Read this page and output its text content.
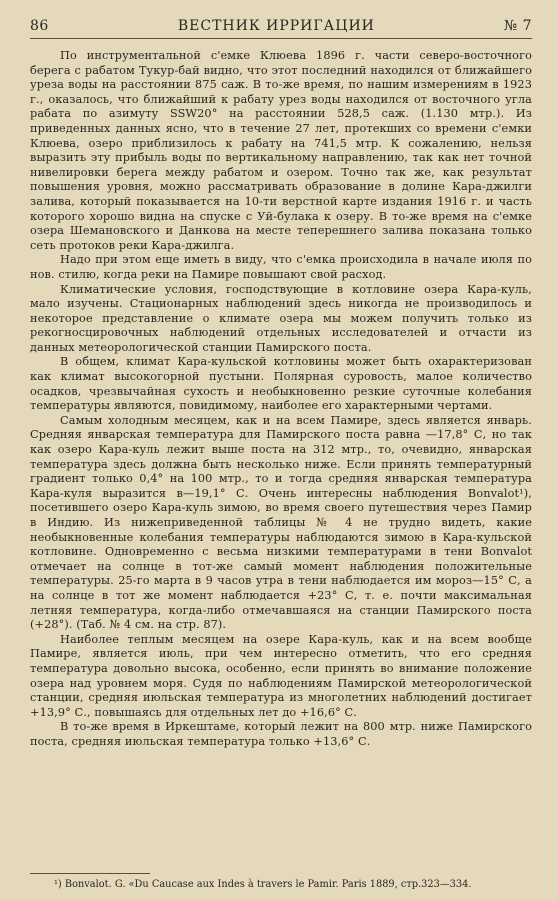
86	ВЕСТНИК ИРРИГАЦИИ	№ 7

По инструментальной с'емке Клюева 1896 г. части северо-восточного берега с рабатом Тукур-бай видно, что этот последний находился от ближайшего уреза воды на расстоянии 875 саж. В то-же время, по нашим измерениям в 1923 г., оказалось, что ближайший к рабату урез воды находился от восточного угла рабата по азимуту SSW20° на расстоянии 528,5 саж. (1.130 мтр.). Из приведенных данных ясно, что в течение 27 лет, протекших со времени с'емки Клюева, озеро приблизилось к рабату на 741,5 мтр. К сожалению, нельзя выразить эту прибыль воды по вертикальному направлению, так как нет точной нивелировки берега между рабатом и озером. Точно так же, как результат повышения уровня, можно рассматривать образование в долине Кара-джилги залива, который показывается на 10-ти верстной карте издания 1916 г. и часть которого хорошо видна на спуске с Уй-булака к озеру. В то-же время на с'емке озера Шемановского и Данкова на месте теперешнего залива показана только сеть протоков реки Кара-джилга.

Надо при этом еще иметь в виду, что с'емка происходила в начале июля по нов. стилю, когда реки на Памире повышают свой расход.

Климатические условия, господствующие в котловине озера Кара-куль, мало изучены. Стационарных наблюдений здесь никогда не производилось и некоторое представление о климате озера мы можем получить только из рекогносцировочных наблюдений отдельных исследователей и отчасти из данных метеорологической станции Памирского поста.

В общем, климат Кара-кульской котловины может быть охарактеризован как климат высокогорной пустыни. Полярная суровость, малое количество осадков, чрезвычайная сухость и необыкновенно резкие суточные колебания температуры являются, повидимому, наиболее его характерными чертами.

Самым холодным месяцем, как и на всем Памире, здесь является январь. Средняя январская температура для Памирского поста равна —17,8° С, но так как озеро Кара-куль лежит выше поста на 312 мтр., то, очевидно, январская температура здесь должна быть несколько ниже. Если принять температурный градиент только 0,4° на 100 мтр., то и тогда средняя январская температура Кара-куля выразится в—19,1° С. Очень интересны наблюдения Bonvalot¹), посетившего озеро Кара-куль зимою, во время своего путешествия через Памир в Индию. Из нижеприведенной таблицы № 4 не трудно видеть, какие необыкновенные колебания температуры наблюдаются зимою в Кара-кульской котловине. Одновременно с весьма низкими температурами в тени Bonvalot отмечает на солнце в тот-же самый момент наблюдения положительные температуры. 25-го марта в 9 часов утра в тени наблюдается им мороз—15° С, а на солнце в тот же момент наблюдается +23° С, т. е. почти максимальная летняя температура, когда-либо отмечавшаяся на станции Памирского поста (+28°). (Таб. № 4 см. на стр. 87).

Наиболее теплым месяцем на озере Кара-куль, как и на всем вообще Памире, является июль, при чем интересно отметить, что его средняя температура довольно высока, особенно, если принять во внимание положение озера над уровнем моря. Судя по наблюдениям Памирской метеорологической станции, средняя июльская температура из многолетних наблюдений достигает +13,9° С., повышаясь для отдельных лет до +16,6° С.

В то-же время в Иркештаме, который лежит на 800 мтр. ниже Памирского поста, средняя июльская температура только +13,6° С.

¹) Bonvalot. G. «Du Caucase aux Indes à travers le Pamir. Paris 1889, стр.323—334.
